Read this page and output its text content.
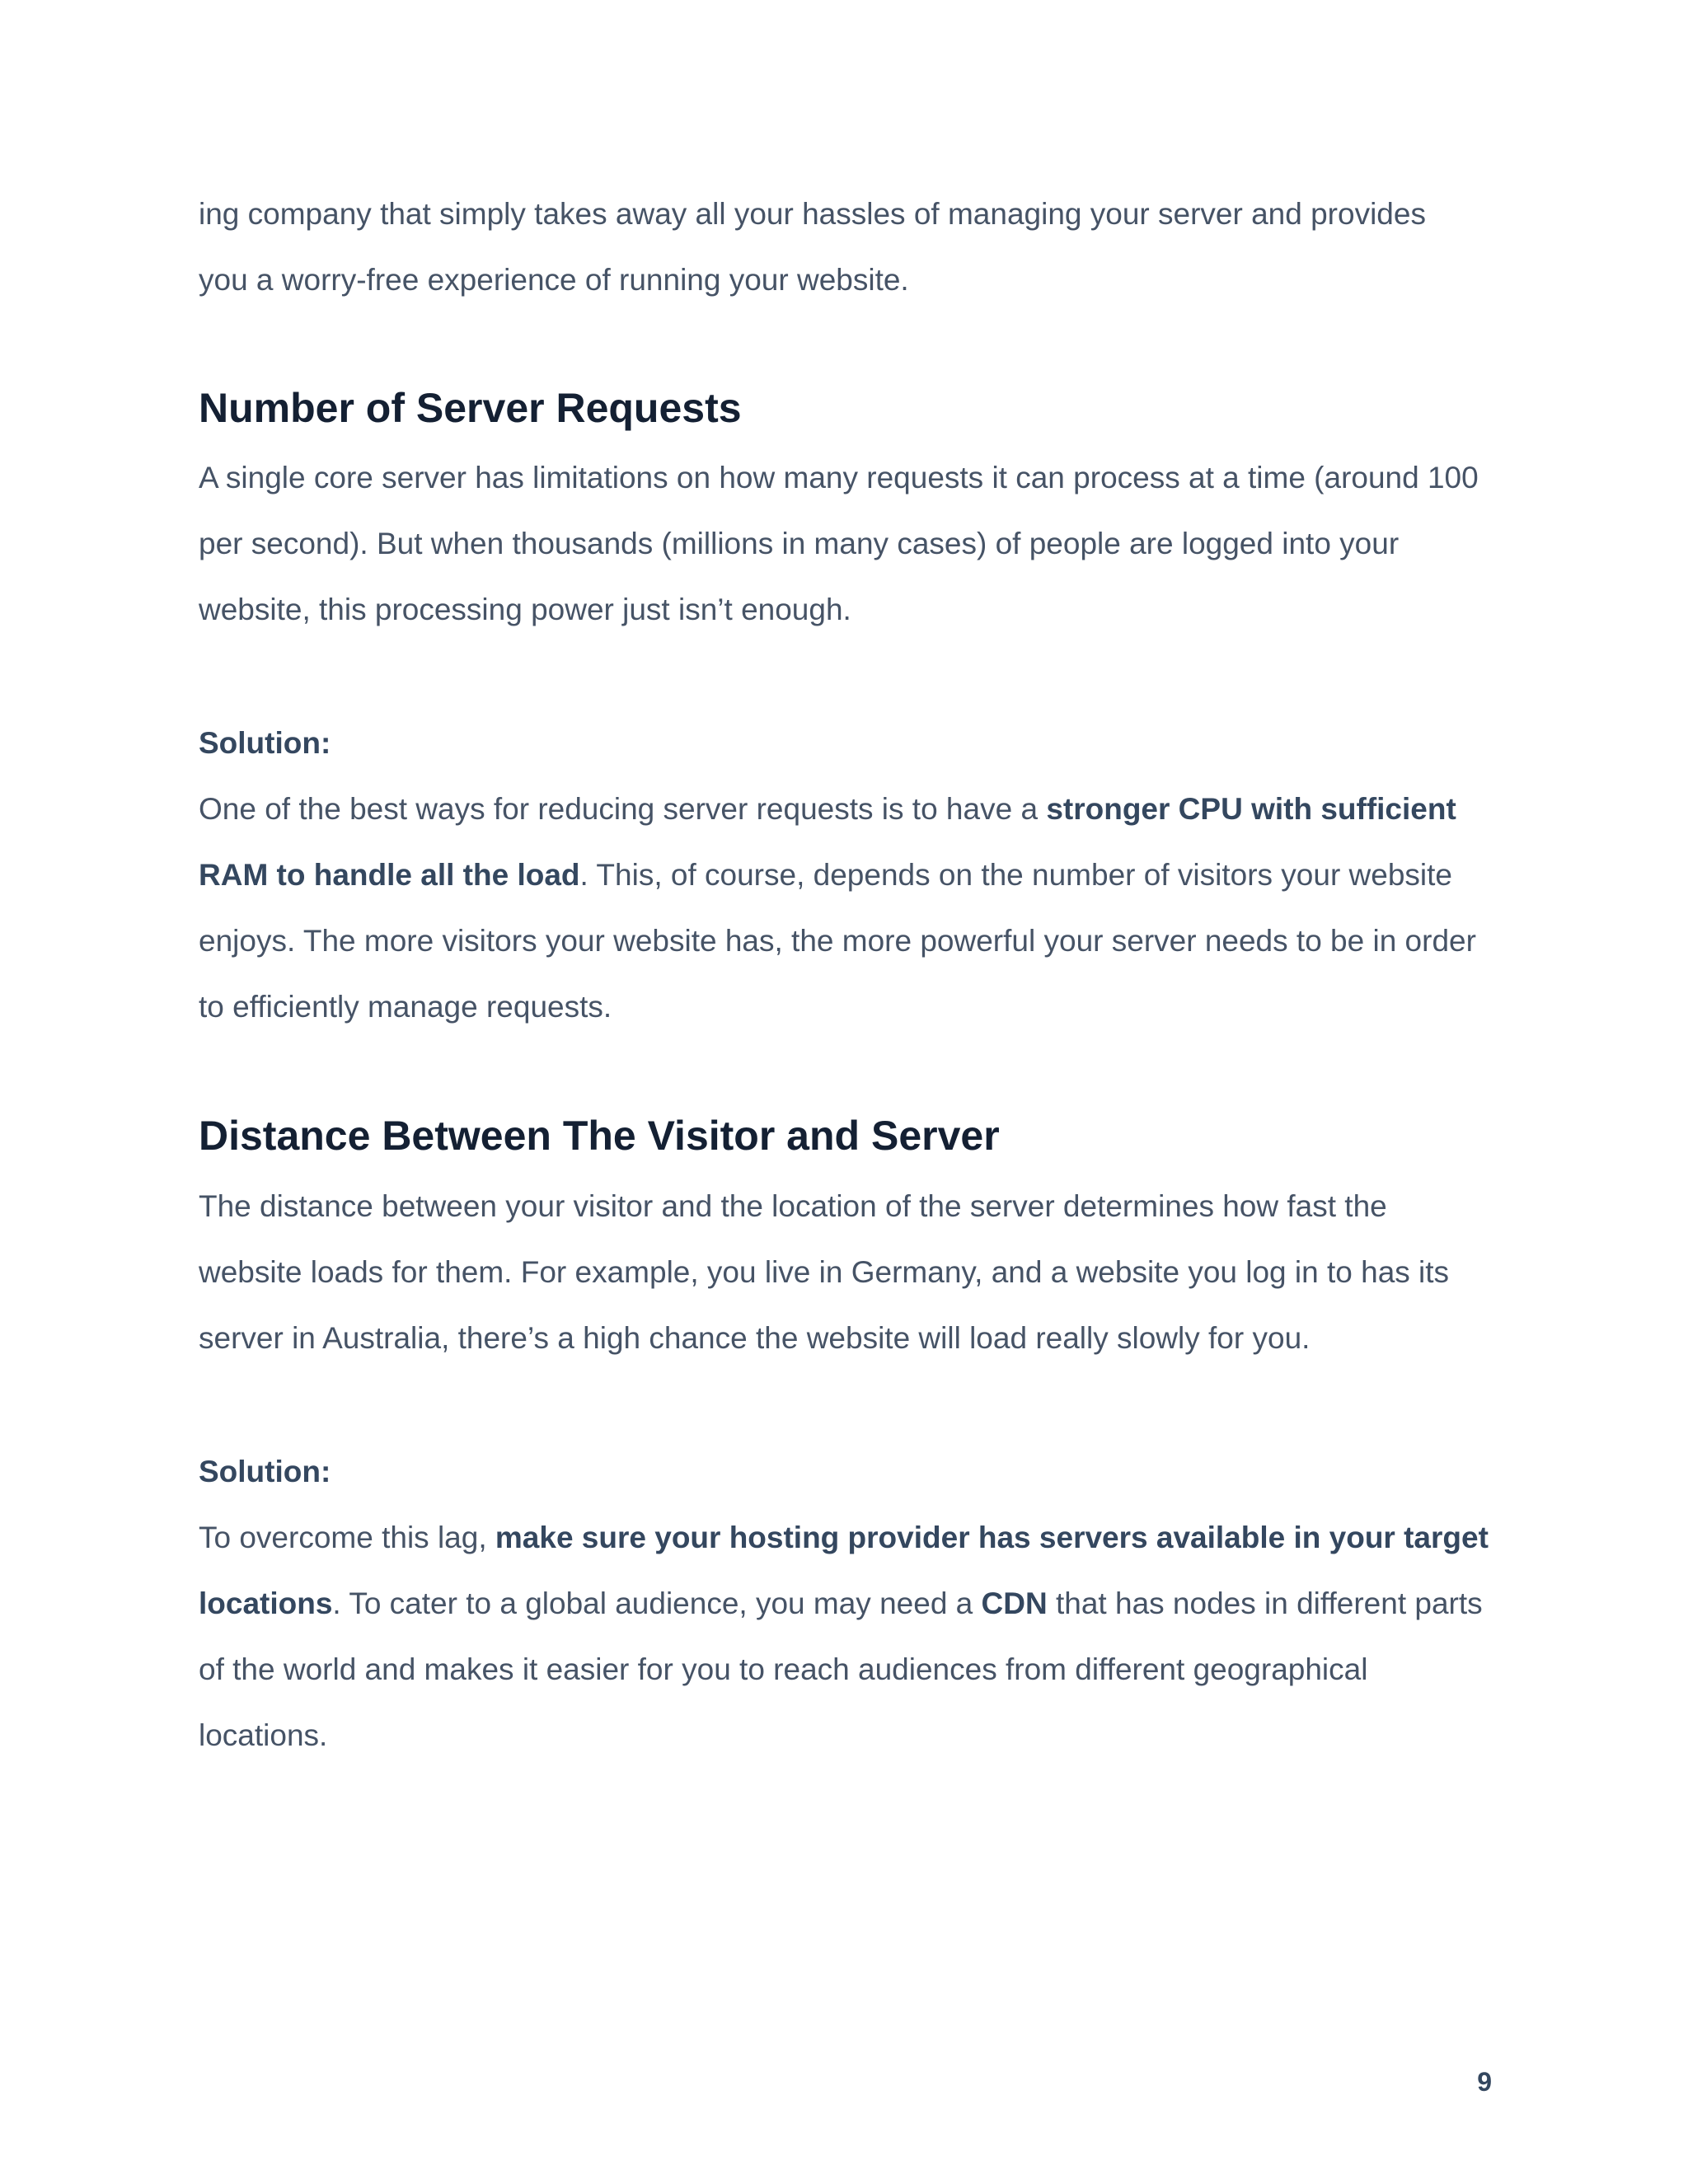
ing company that simply takes away all your hassles of managing your server and provides
you a worry-free experience of running your website.

Number of Server Requests

A single core server has limitations on how many requests it can process at a time (around 100 per second). But when thousands (millions in many cases) of people are logged into your website, this processing power just isn’t enough.

Solution:

One of the best ways for reducing server requests is to have a stronger CPU with sufficient RAM to handle all the load. This, of course, depends on the number of visitors your website enjoys. The more visitors your website has, the more powerful your server needs to be in order to efficiently manage requests.

Distance Between The Visitor and Server

The distance between your visitor and the location of the server determines how fast the website loads for them. For example, you live in Germany, and a website you log in to has its server in Australia, there’s a high chance the website will load really slowly for you.

Solution:

To overcome this lag, make sure your hosting provider has servers available in your target locations. To cater to a global audience, you may need a CDN that has nodes in different parts of the world and makes it easier for you to reach audiences from different geographical locations.

9
